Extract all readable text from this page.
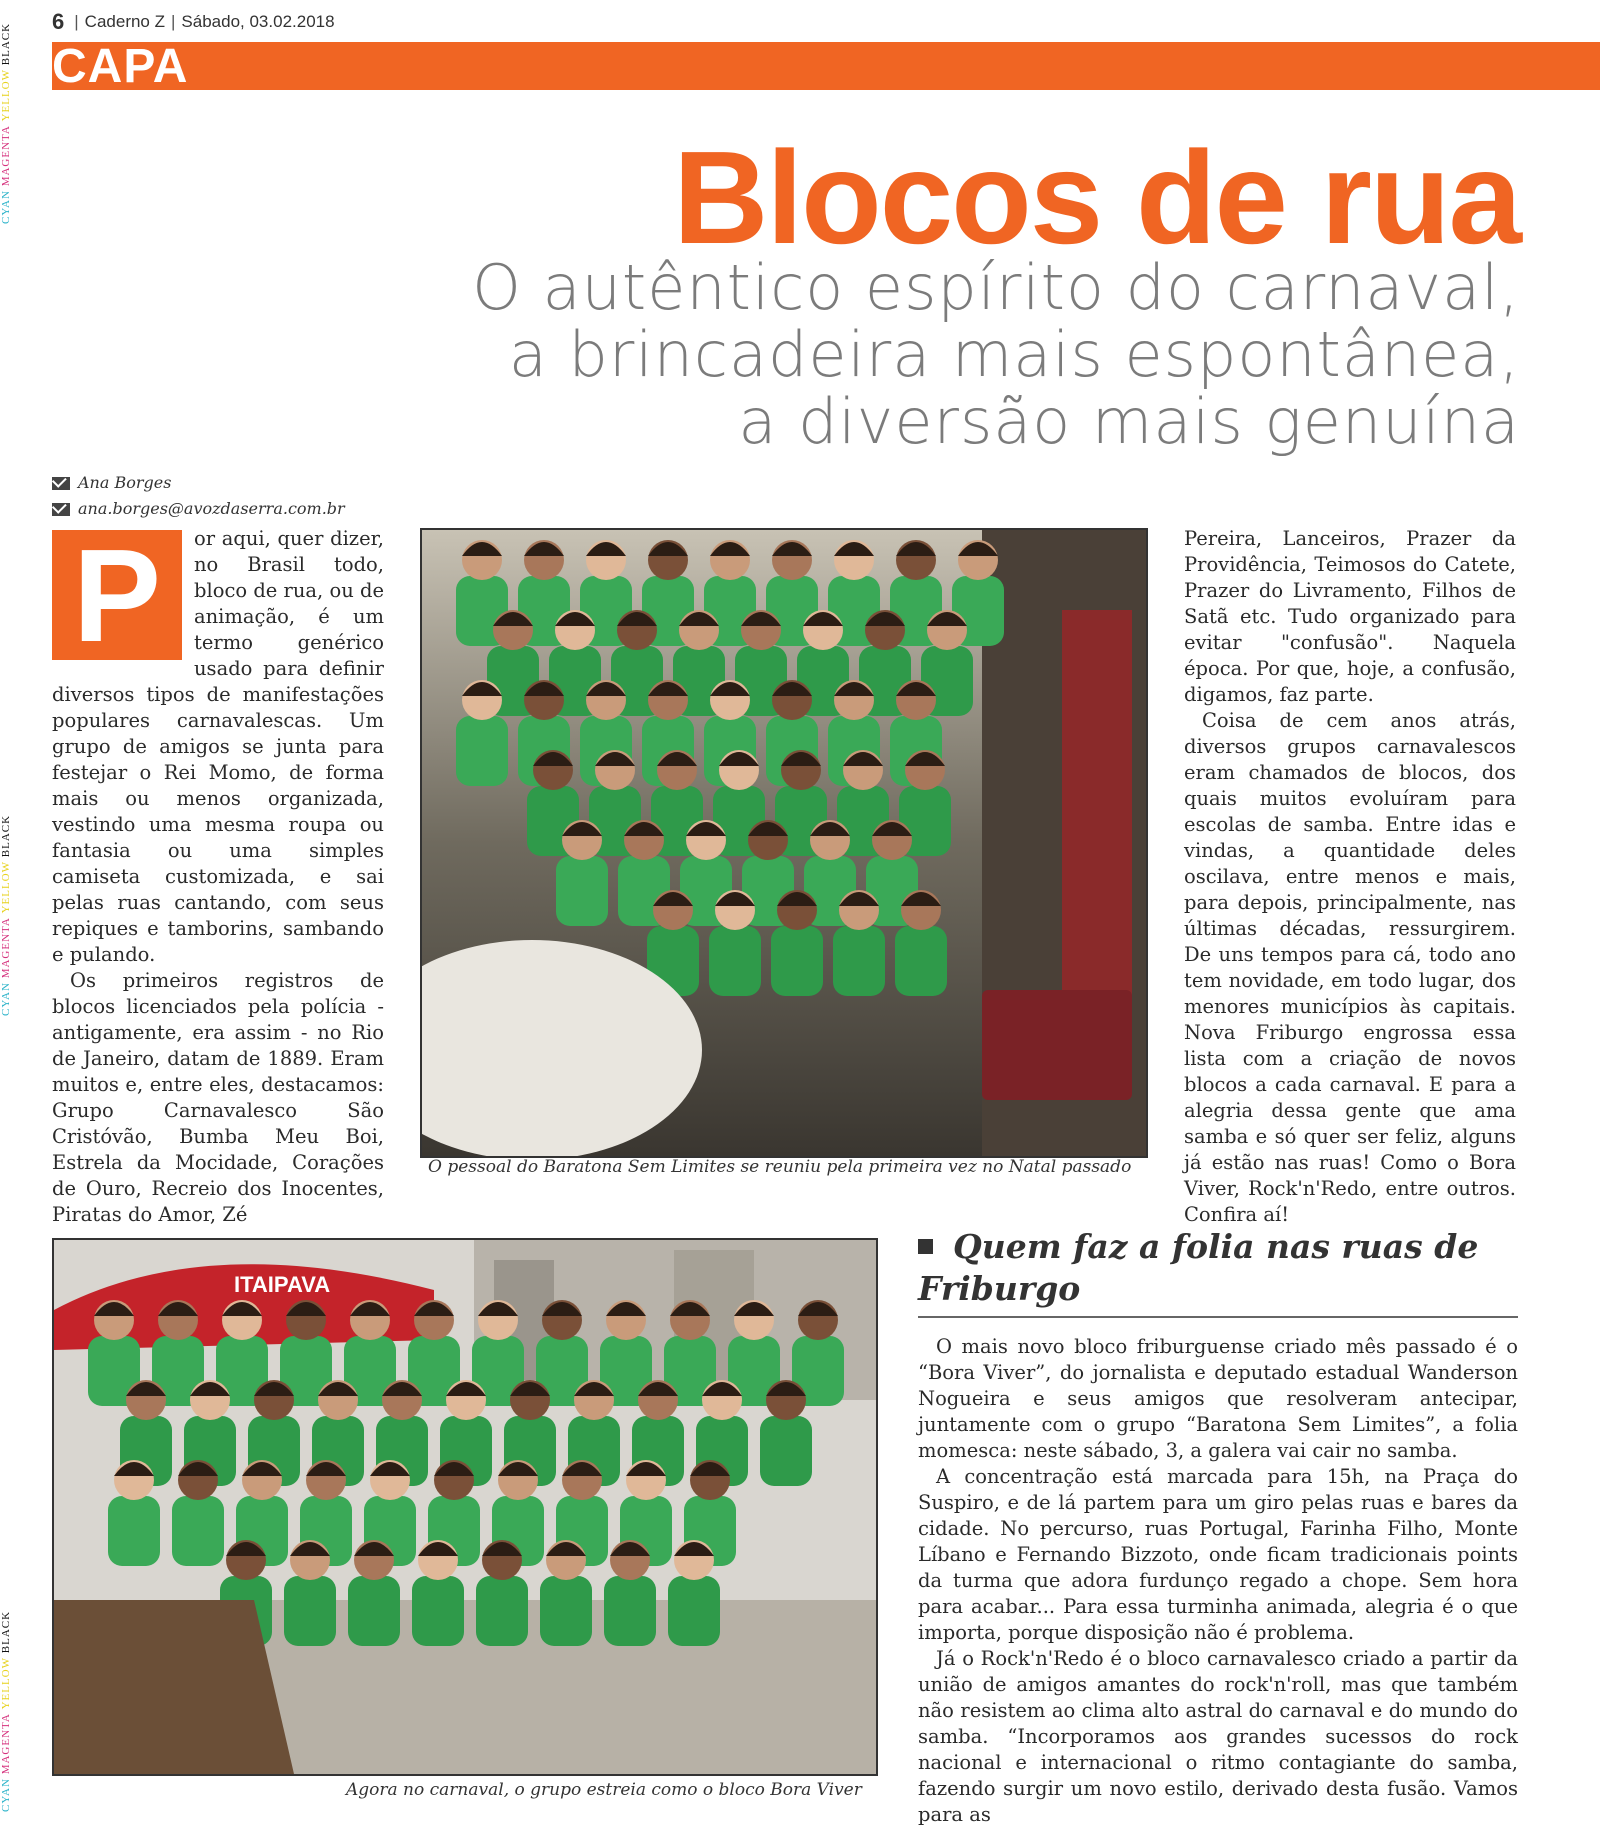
CYAN MAGENTA YELLOW BLACK
CYAN MAGENTA YELLOW BLACK
CYAN MAGENTA YELLOW BLACK
6 | Caderno Z | Sábado, 03.02.2018
CAPA
Blocos de rua
O autêntico espírito do carnaval,
a brincadeira mais espontânea,
a diversão mais genuína
Ana Borges
ana.borges@avozdaserra.com.br
P	or aqui, quer dizer, no Brasil todo, bloco de rua, ou de animação, é um termo genérico usado para definir diversos tipos de manifestações populares carnavalescas. Um grupo de amigos se junta para festejar o Rei Momo, de forma mais ou menos organizada, vestindo uma mesma roupa ou fantasia ou uma simples camiseta customizada, e sai pelas ruas cantando, com seus repiques e tamborins, sambando e pulando.

Os primeiros registros de blocos licenciados pela polícia - antigamente, era assim - no Rio de Janeiro, datam de 1889. Eram muitos e, entre eles, destacamos: Grupo Carnavalesco São Cristóvão, Bumba Meu Boi, Estrela da Mocidade, Corações de Ouro, Recreio dos Inocentes, Piratas do Amor, Zé

O pessoal do Baratona Sem Limites se reuniu pela primeira vez no Natal passado

Pereira, Lanceiros, Prazer da Providência, Teimosos do Catete, Prazer do Livramento, Filhos de Satã etc. Tudo organizado para evitar "confusão". Naquela época. Por que, hoje, a confusão, digamos, faz parte.

Coisa de cem anos atrás, diversos grupos carnavalescos eram chamados de blocos, dos quais muitos evoluíram para escolas de samba. Entre idas e vindas, a quantidade deles oscilava, entre menos e mais, para depois, principalmente, nas últimas décadas, ressurgirem. De uns tempos para cá, todo ano tem novidade, em todo lugar, dos menores municípios às capitais. Nova Friburgo engrossa essa lista com a criação de novos blocos a cada carnaval. E para a alegria dessa gente que ama samba e só quer ser feliz, alguns já estão nas ruas! Como o Bora Viver, Rock'n'Redo, entre outros. Confira aí!

ITAIPAVA
Agora no carnaval, o grupo estreia como o bloco Bora Viver
Quem faz a folia nas ruas de Friburgo

O mais novo bloco friburguense criado mês passado é o “Bora Viver”, do jornalista e deputado estadual Wanderson Nogueira e seus amigos que resolveram antecipar, juntamente com o grupo “Baratona Sem Limites”, a folia momesca: neste sábado, 3, a galera vai cair no samba.

A concentração está marcada para 15h, na Praça do Suspiro, e de lá partem para um giro pelas ruas e bares da cidade. No percurso, ruas Portugal, Farinha Filho, Monte Líbano e Fernando Bizzoto, onde ficam tradicionais points da turma que adora furdunço regado a chope. Sem hora para acabar... Para essa turminha animada, alegria é o que importa, porque disposição não é problema.

Já o Rock'n'Redo é o bloco carnavalesco criado a partir da união de amigos amantes do rock'n'roll, mas que também não resistem ao clima alto astral do carnaval e do mundo do samba. “Incorporamos aos grandes sucessos do rock nacional e internacional o ritmo contagiante do samba, fazendo surgir um novo estilo, derivado desta fusão. Vamos para as
